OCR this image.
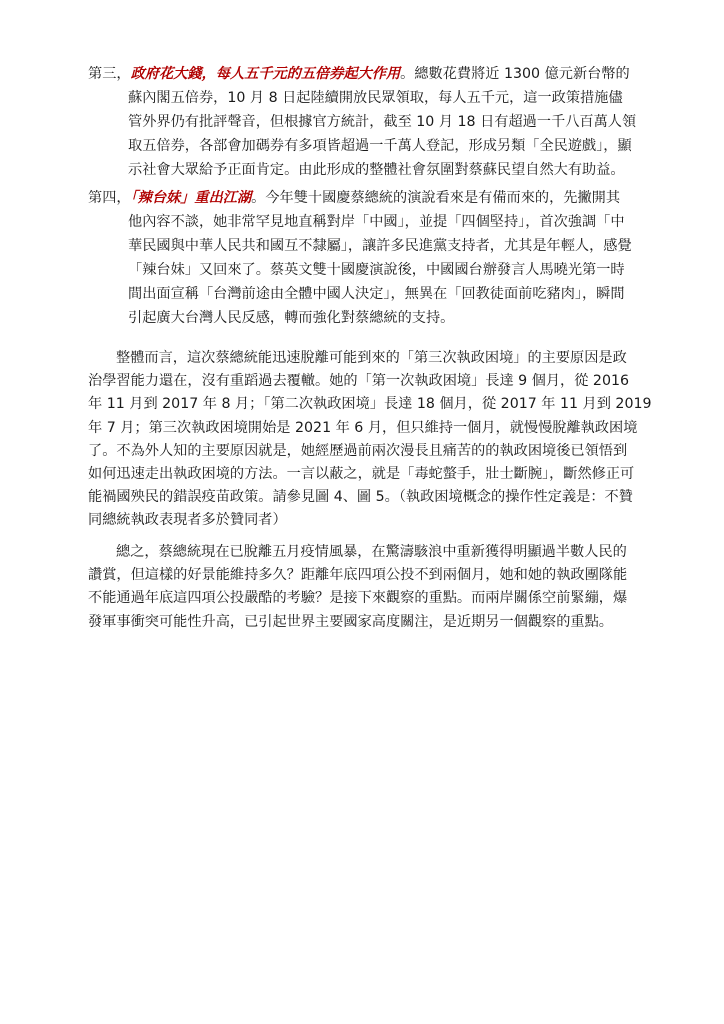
第三，政府花大錢，每人五千元的五倍券起大作用。總數花費將近 1300 億元新台幣的
蘇內閣五倍券，10 月 8 日起陸續開放民眾領取，每人五千元，這一政策措施儘
管外界仍有批評聲音，但根據官方統計，截至 10 月 18 日有超過一千八百萬人領
取五倍券，各部會加碼券有多項皆超過一千萬人登記，形成另類「全民遊戲」，顯
示社會大眾給予正面肯定。由此形成的整體社會氛圍對蔡蘇民望自然大有助益。
第四，「辣台妹」重出江湖。今年雙十國慶蔡總統的演說看來是有備而來的，先撇開其
他內容不談，她非常罕見地直稱對岸「中國」，並提「四個堅持」，首次強調「中
華民國與中華人民共和國互不隸屬」，讓許多民進黨支持者，尤其是年輕人，感覺
「辣台妹」又回來了。蔡英文雙十國慶演說後，中國國台辦發言人馬曉光第一時
間出面宣稱「台灣前途由全體中國人決定」，無異在「回教徒面前吃豬肉」，瞬間
引起廣大台灣人民反感，轉而強化對蔡總統的支持。
整體而言，這次蔡總統能迅速脫離可能到來的「第三次執政困境」的主要原因是政
治學習能力還在，沒有重蹈過去覆轍。她的「第一次執政困境」長達 9 個月，從 2016
年 11 月到 2017 年 8 月；「第二次執政困境」長達 18 個月，從 2017 年 11 月到 2019
年 7 月；第三次執政困境開始是 2021 年 6 月，但只維持一個月，就慢慢脫離執政困境
了。不為外人知的主要原因就是，她經歷過前兩次漫長且痛苦的的執政困境後已領悟到
如何迅速走出執政困境的方法。一言以蔽之，就是「毒蛇螫手，壯士斷腕」，斷然修正可
能禍國殃民的錯誤疫苗政策。請參見圖 4、圖 5。（執政困境概念的操作性定義是：不贊
同總統執政表現者多於贊同者）
總之，蔡總統現在已脫離五月疫情風暴，在驚濤駭浪中重新獲得明顯過半數人民的
讚賞，但這樣的好景能維持多久？距離年底四項公投不到兩個月，她和她的執政團隊能
不能通過年底這四項公投嚴酷的考驗？是接下來觀察的重點。而兩岸關係空前緊繃，爆
發軍事衝突可能性升高，已引起世界主要國家高度關注，是近期另一個觀察的重點。
